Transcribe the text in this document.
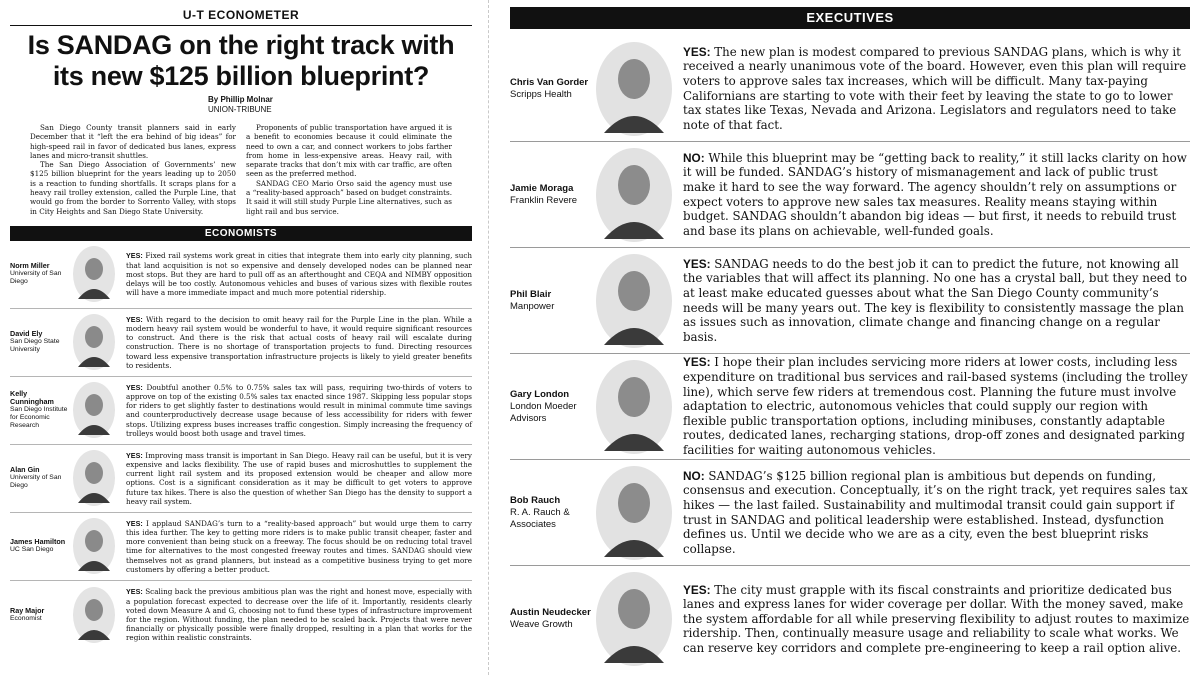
U-T ECONOMETER
Is SANDAG on the right track with
its new $125 billion blueprint?
By Phillip Molnar
UNION-TRIBUNE

San Diego County transit planners said in early December that it “left the era behind of big ideas” for high-speed rail in favor of dedicated bus lanes, express lanes and micro-transit shuttles.

The San Diego Association of Governments’ new $125 billion blueprint for the years leading up to 2050 is a reaction to funding shortfalls. It scraps plans for a heavy rail trolley extension, called the Purple Line, that would go from the border to Sorrento Valley, with stops in City Heights and San Diego State University.

Proponents of public transportation have argued it is a benefit to economies because it could eliminate the need to own a car, and connect workers to jobs farther from home in less-expensive areas. Heavy rail, with separate tracks that don’t mix with car traffic, are often seen as the preferred method.

SANDAG CEO Mario Orso said the agency must use a “reality-based approach” based on budget constraints. It said it will still study Purple Line alternatives, such as light rail and bus service.

ECONOMISTS
Norm Miller
University of San Diego
YES: Fixed rail systems work great in cities that integrate them into early city planning, such that land acquisition is not so expensive and densely developed nodes can be planned near most stops. But they are hard to pull off as an afterthought and CEQA and NIMBY opposition delays will be too costly. Autonomous vehicles and buses of various sizes with flexible routes will have a more immediate impact and much more potential ridership.
David Ely
San Diego State University
YES: With regard to the decision to omit heavy rail for the Purple Line in the plan. While a modern heavy rail system would be wonderful to have, it would require significant resources to construct. And there is the risk that actual costs of heavy rail will escalate during construction. There is no shortage of transportation projects to fund. Directing resources toward less expensive transportation infrastructure projects is likely to yield greater benefits to residents.
Kelly Cunningham
San Diego Institute for Economic Research
YES: Doubtful another 0.5% to 0.75% sales tax will pass, requiring two-thirds of voters to approve on top of the existing 0.5% sales tax enacted since 1987. Skipping less popular stops for riders to get slightly faster to destinations would result in minimal commute time savings and counterproductively decrease usage because of less accessibility for riders with fewer stops. Utilizing express buses increases traffic congestion. Simply increasing the frequency of trolleys would boost both usage and travel times.
Alan Gin
University of San Diego
YES: Improving mass transit is important in San Diego. Heavy rail can be useful, but it is very expensive and lacks flexibility. The use of rapid buses and microshuttles to supplement the current light rail system and its proposed extension would be cheaper and allow more options. Cost is a significant consideration as it may be difficult to get voters to approve future tax hikes. There is also the question of whether San Diego has the density to support a heavy rail system.
James Hamilton
UC San Diego
YES: I applaud SANDAG’s turn to a “reality-based approach” but would urge them to carry this idea further. The key to getting more riders is to make public transit cheaper, faster and more convenient than being stuck on a freeway. The focus should be on reducing total travel time for alternatives to the most congested freeway routes and times. SANDAG should view themselves not as grand planners, but instead as a competitive business trying to get more customers by offering a better product.
Ray Major
Economist
YES: Scaling back the previous ambitious plan was the right and honest move, especially with a population forecast expected to decrease over the life of it. Importantly, residents clearly voted down Measure A and G, choosing not to fund these types of infrastructure improvement for the region. Without funding, the plan needed to be scaled back. Projects that were never financially or physically possible were finally dropped, resulting in a plan that works for the region within realistic constraints.
EXECUTIVES
Chris Van Gorder
Scripps Health
YES: The new plan is modest compared to previous SANDAG plans, which is why it received a nearly unanimous vote of the board. However, even this plan will require voters to approve sales tax increases, which will be difficult. Many tax-paying Californians are starting to vote with their feet by leaving the state to go to lower tax states like Texas, Nevada and Arizona. Legislators and regulators need to take note of that fact.
Jamie Moraga
Franklin Revere
NO: While this blueprint may be “getting back to reality,” it still lacks clarity on how it will be funded. SANDAG’s history of mismanagement and lack of public trust make it hard to see the way forward. The agency shouldn’t rely on assumptions or expect voters to approve new sales tax measures. Reality means staying within budget. SANDAG shouldn’t abandon big ideas — but first, it needs to rebuild trust and base its plans on achievable, well-funded goals.
Phil Blair
Manpower
YES: SANDAG needs to do the best job it can to predict the future, not knowing all the variables that will affect its planning. No one has a crystal ball, but they need to at least make educated guesses about what the San Diego County community’s needs will be many years out. The key is flexibility to consistently massage the plan as issues such as innovation, climate change and financing change on a regular basis.
Gary London
London Moeder Advisors
YES: I hope their plan includes servicing more riders at lower costs, including less expenditure on traditional bus services and rail-based systems (including the trolley line), which serve few riders at tremendous cost. Planning the future must involve adaptation to electric, autonomous vehicles that could supply our region with flexible public transportation options, including minibuses, constantly adaptable routes, dedicated lanes, recharging stations, drop-off zones and designated parking facilities for waiting autonomous vehicles.
Bob Rauch
R. A. Rauch & Associates
NO: SANDAG’s $125 billion regional plan is ambitious but depends on funding, consensus and execution. Conceptually, it’s on the right track, yet requires sales tax hikes — the last failed. Sustainability and multimodal transit could gain support if trust in SANDAG and political leadership were established. Instead, dysfunction defines us. Until we decide who we are as a city, even the best blueprint risks collapse.
Austin Neudecker
Weave Growth
YES: The city must grapple with its fiscal constraints and prioritize dedicated bus lanes and express lanes for wider coverage per dollar. With the money saved, make the system affordable for all while preserving flexibility to adjust routes to maximize ridership. Then, continually measure usage and reliability to scale what works. We can reserve key corridors and complete pre-engineering to keep a rail option alive.
